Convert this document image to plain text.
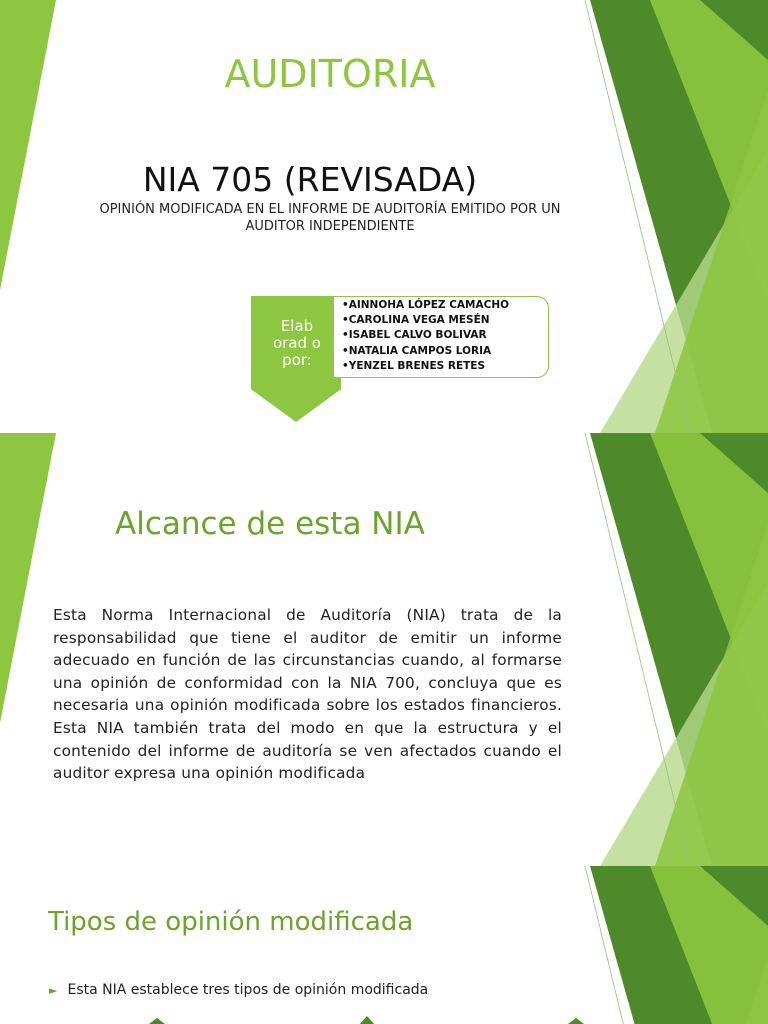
AUDITORIA
NIA 705 (REVISADA)
OPINIÓN MODIFICADA EN EL INFORME DE AUDITORÍA EMITIDO POR UN AUDITOR INDEPENDIENTE
Elab orad o por:
• AINNOHA LÓPEZ CAMACHO
• CAROLINA VEGA MESÉN
• ISABEL CALVO BOLIVAR
• NATALIA CAMPOS LORIA
• YENZEL BRENES RETES
Alcance de esta NIA

Esta Norma Internacional de Auditoría (NIA) trata de la responsabilidad que tiene el auditor de emitir un informe adecuado en función de las circunstancias cuando, al formarse una opinión de conformidad con la NIA 700, concluya que es necesaria una opinión modificada sobre los estados financieros. Esta NIA también trata del modo en que la estructura y el contenido del informe de auditoría se ven afectados cuando el auditor expresa una opinión modificada

Tipos de opinión modificada
► Esta NIA establece tres tipos de opinión modificada
